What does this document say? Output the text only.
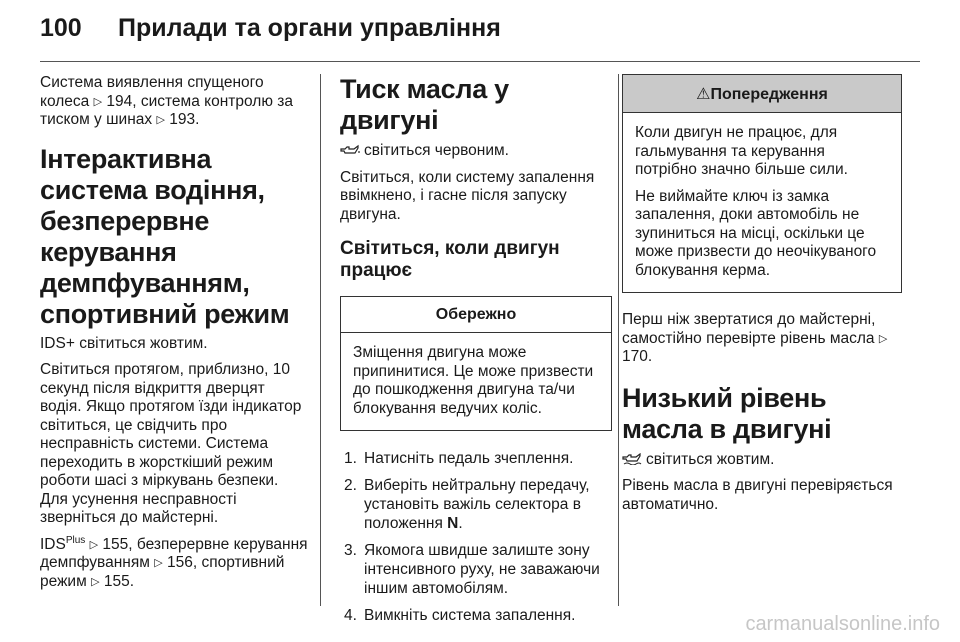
100 Прилади та органи управління

Система виявлення спущеного колеса ▷ 194, система контролю за тиском у шинах ▷ 193.

Інтерактивна система водіння, безперервне керування демпфуванням, спортивний режим

IDS+ світиться жовтим.

Світиться протягом, приблизно, 10 секунд після відкриття дверцят водія. Якщо протягом їзди індикатор світиться, це свідчить про несправність системи. Система переходить в жорсткіший режим роботи шасі з міркувань безпеки. Для усунення несправності зверніться до майстерні.

$IDS^{Plus}$ ▷ 155, безперервне керування демпфуванням ▷ 156, спортивний режим ▷ 155.

Тиск масла у двигуні

світиться червоним.

Світиться, коли систему запалення ввімкнено, і гасне після запуску двигуна.

Світиться, коли двигун працює
Обережно

Зміщення двигуна може припинитися. Це може призвести до пошкодження двигуна та/чи блокування ведучих коліс.

1. Натисніть педаль зчеплення.
2. Виберіть нейтральну передачу, установіть важіль селектора в положення N.
3. Якомога швидше залиште зону інтенсивного руху, не заважаючи іншим автомобілям.
4. Вимкніть система запалення.
⚠Попередження

Коли двигун не працює, для гальмування та керування потрібно значно більше сили.

Не виймайте ключ із замка запалення, доки автомобіль не зупиниться на місці, оскільки це може призвести до неочікуваного блокування керма.

Перш ніж звертатися до майстерні, самостійно перевірте рівень масла ▷ 170.

Низький рівень масла в двигуні

світиться жовтим.

Рівень масла в двигуні перевіряється автоматично.

carmanualsonline.info
